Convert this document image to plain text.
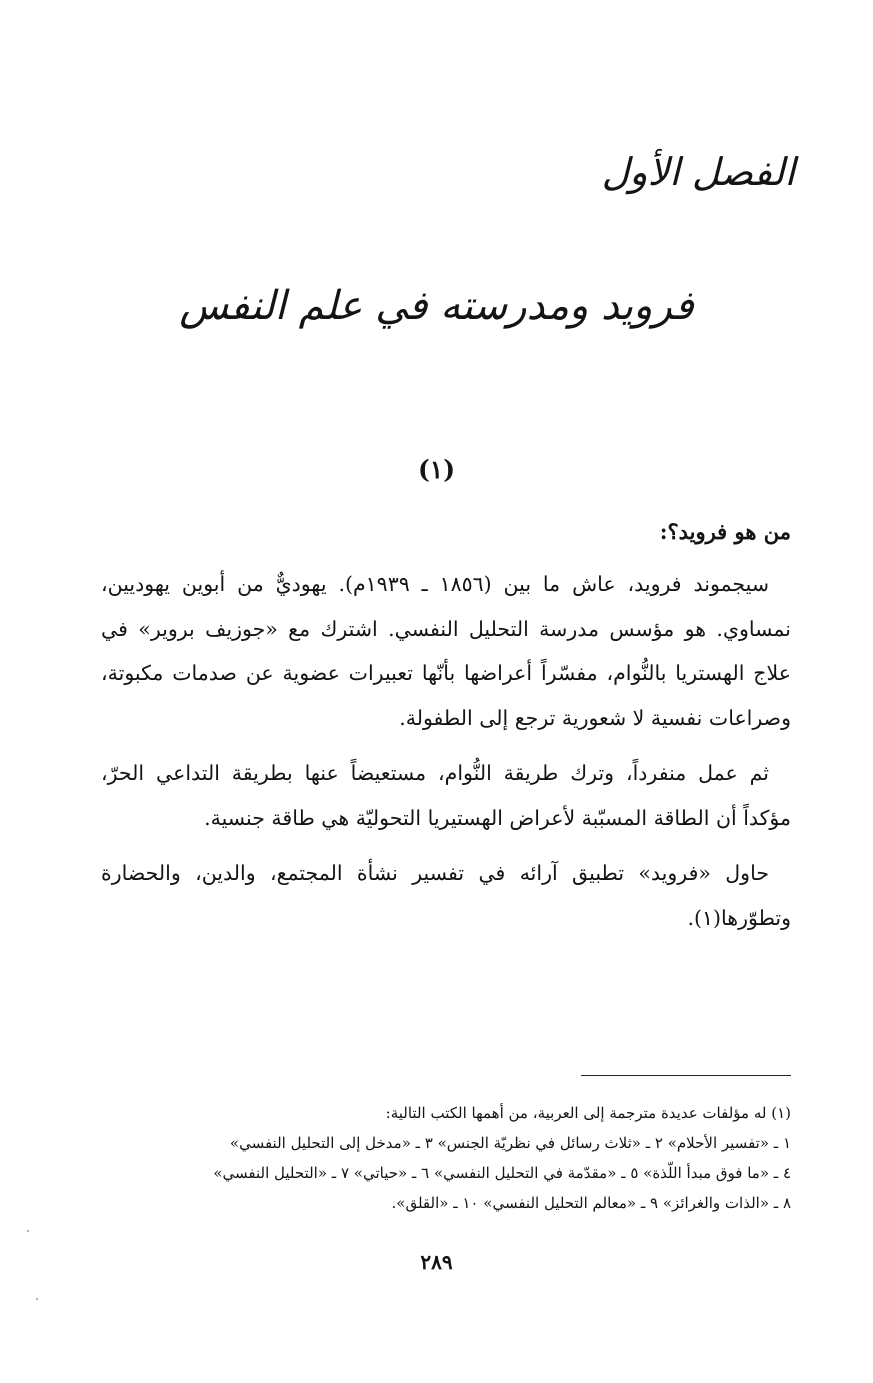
الفصل الأول
فرويد ومدرسته في علم النفس
(١)
من هو فرويد؟:

سيجموند فرويد، عاش ما بين (١٨٥٦ ـ ١٩٣٩م). يهوديٌّ من أبوين يهوديين، نمساوي. هو مؤسس مدرسة التحليل النفسي. اشترك مع «جوزيف بروير» في علاج الهستريا بالنُّوام، مفسّراً أعراضها بأنّها تعبيرات عضوية عن صدمات مكبوتة، وصراعات نفسية لا شعورية ترجع إلى الطفولة.

ثم عمل منفرداً، وترك طريقة النُّوام، مستعيضاً عنها بطريقة التداعي الحرّ، مؤكداً أن الطاقة المسبّبة لأعراض الهستيريا التحوليّة هي طاقة جنسية.

حاول «فرويد» تطبيق آرائه في تفسير نشأة المجتمع، والدين، والحضارة وتطوّرها(١).

(١) له مؤلفات عديدة مترجمة إلى العربية، من أهمها الكتب التالية:
١ ـ «تفسير الأحلام» ٢ ـ «ثلاث رسائل في نظريّة الجنس» ٣ ـ «مدخل إلى التحليل النفسي»
٤ ـ «ما فوق مبدأ اللّذة» ٥ ـ «مقدّمة في التحليل النفسي» ٦ ـ «حياتي» ٧ ـ «التحليل النفسي»
٨ ـ «الذات والغرائز» ٩ ـ «معالم التحليل النفسي» ١٠ ـ «القلق».
٢٨٩
